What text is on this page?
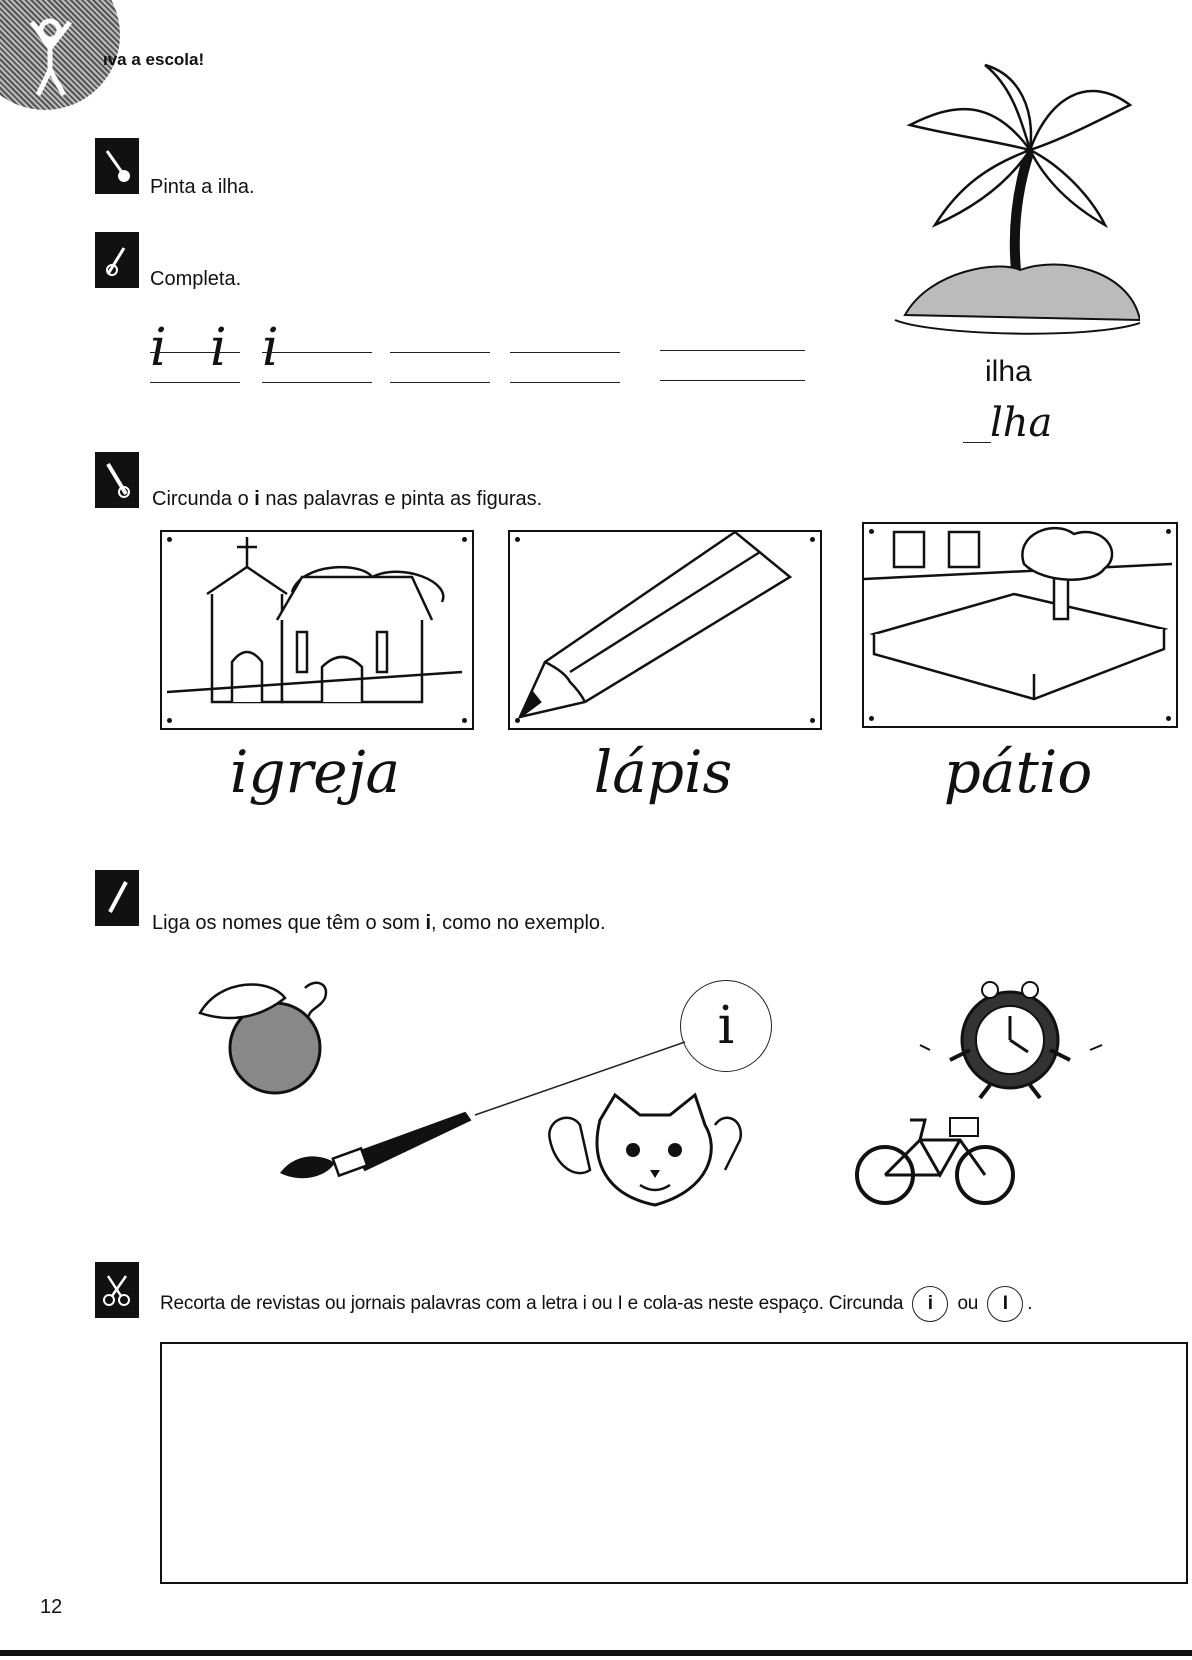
ıva a escola!
Pinta a ilha.
Completa.
i i i	ilha
lha
Circunda o i nas palavras e pinta as figuras.
igreja	lápis	pátio
Liga os nomes que têm o som i, como no exemplo.
i
Recorta de revistas ou jornais palavras com a letra i ou I e cola-as neste espaço. Circunda i ou I .
12
